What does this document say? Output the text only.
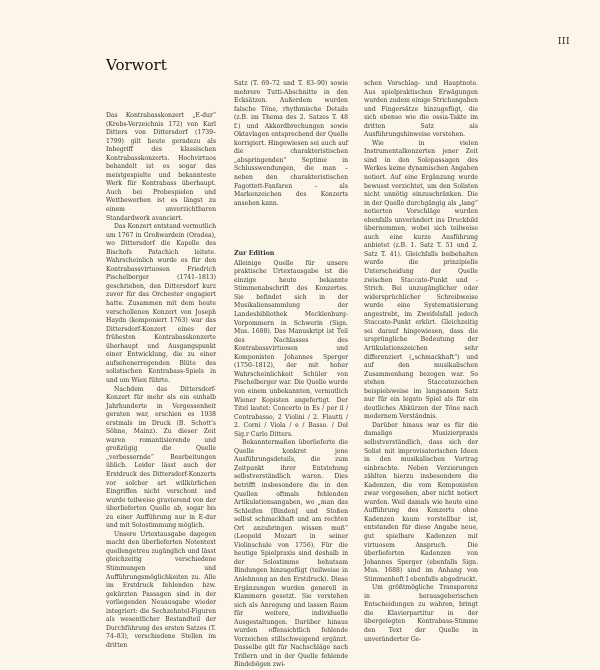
III
Vorwort

Das Kontrabasskonzert „E-dur“ (Krebs-Verzeichnis 172) von Karl Ditters von Dittersdorf (1739–1799) gilt heute geradezu als Inbegriff des klassischen Kontrabasskonzerts. Hochvirtuos behandelt ist es sogar das meistgespielte und bekannteste Werk für Kontrabass überhaupt. Auch bei Probespielen und Wettbewerben ist es längst zu einem unverzichtbaren Standardwerk avanciert.

Das Konzert entstand vermutlich um 1767 in Großwardein (Oradea), wo Dittersdorf die Kapelle des Bischofs Patachich leitete. Wahrscheinlich wurde es für den Kontrabassvirtuosen Friedrich Pischelberger (1741–1813) geschrieben, den Dittersdorf kurz zuvor für das Orchester engagiert hatte. Zusammen mit dem heute verschollenen Konzert von Joseph Haydn (komponiert 1763) war das Dittersdorf-Konzert eines der frühesten Kontrabasskonzerte überhaupt und Ausgangspunkt einer Entwicklung, die zu einer aufsehenerregenden Blüte des solistischen Kontrabass-Spiels in und um Wien führte.

Nachdem das Dittersdorf-Konzert für mehr als ein einhalb Jahrhunderte in Vergessenheit geraten war, erschien es 1938 erstmals im Druck (B. Schott's Söhne, Mainz). Zu dieser Zeit waren romantisierende und großzügig die Quelle „verbessernde“ Bearbeitungen üblich. Leider lässt auch der Erstdruck des Dittersdorf-Konzerts vor solcher art willkürlichen Eingriffen nicht verschont und wurde teilweise gravierend von der überlieferten Quelle ab, sogar bis zu einer Aufführung nur in E-dur und mit Solostimmung möglich.

Unsere Urtextausgabe dagegen macht den überlieferten Notentext quellengetreu zugänglich und lässt gleichzeitig verschiedene Stimmungen und Aufführungsmöglichkeiten zu. Alle im Erstdruck fehlenden bzw. gekürzten Passagen sind in der vorliegenden Neuausgabe wieder integriert: die Sechzehntel-Figuren als wesentlicher Bestandteil der Durchführung des ersten Satzes (T. 74–83), verschiedene Stellen im dritten

Satz (T. 69–72 und T. 83–90) sowie mehrere Tutti-Abschnitte in den Ecksätzen. Außerdem wurden falsche Töne, rhythmische Details (z.B. im Thema des 2. Satzes T. 48 f.) und Akkordbrechungen sowie Oktavlagen entsprechend der Quelle korrigiert. Hingewiesen sei auch auf die charakteristischen „abspringenden“ Septime in Schlusswendungen, die man – neben den charakteristischen Fagottett-Fanfaren – als Markenzeichen des Konzerts ansehen kann.

Zur Edition

Alleinige Quelle für unsere praktische Urtextausgabe ist die einzige heute bekannte Stimmenabschrift des Konzertes. Sie befindet sich in der Musikaliensammlung der Landesbibliothek Mecklenburg-Vorpommern in Schwerin (Sign. Mus. 1688). Das Manuskript ist Teil des Nachlasses des Kontrabassvirtuosen und Komponisten Johannes Sperger (1750–1812), der mit hoher Wahrscheinlichkeit Schüler von Pischelberger war. Die Quelle wurde von einem unbekannten, vermutlich Wiener Kopisten angefertigt. Der Titel lautet: Concerto in Es / per il / Contrabasso, 2 Violini / 2. Flautti / 2. Corni / Viola / e / Basso. / Del Sig.r Carlo Ditters.

Bekanntermaßen überlieferte die Quelle konkret jene Ausführungsdetails, die zum Zeitpunkt ihrer Entstehung selbstverständlich waren. Dies betrifft insbesondere die in den Quellen oftmals fehlenden Artikulationsangaben, wo „man das Schleifen [Binden] und Stoßen selbst schmackhaft und am rechten Ort anzubringen wissen muß“ (Leopold Mozart in seiner Violinschule von 1756). Für die heutige Spielpraxis sind deshalb in der Solostimme behutsam Bindungen hinzugefügt (teilweise in Anlehnung an den Erstdruck). Diese Ergänzungen wurden generell in Klammern gesetzt. Sie verstehen sich als Anregung und lassen Raum für weitere, individuelle Ausgestaltungen. Darüber hinaus wurden offensichtlich fehlende Vorzeichen stillschweigend ergänzt. Dasselbe gilt für Nachschläge nach Trillern und in der Quelle fehlende Bindebögen zwi-

schen Vorschlag- und Hauptnote. Aus spielpraktischen Erwägungen wurden zudem einige Strichangaben und Fingersätze hinzugefügt, die sich ebenso wie die ossia-Takte im dritten Satz als Ausführungshinweise verstehen.

Wie in vielen Instrumentalkonzerten jener Zeit sind in den Solopassagen des Werkes keine dynamischen Angaben notiert. Auf eine Ergänzung wurde bewusst verzichtet, um den Solisten nicht unnötig einzuschränken. Die in der Quelle durchgängig als „lang“ notierten Vorschläge wurden ebenfalls unverändert ins Druckbild übernommen, wobei sich teilweise auch eine kurze Ausführung anbietet (z.B. 1. Satz T. 51 und 2. Satz T. 41). Gleichfalls beibehalten wurde die prinzipielle Unterscheidung der Quelle zwischen Staccato-Punkt und -Strich. Bei unzugänglicher oder widersprüchlicher Schreibweise wurde eine Systematisierung angestrebt, im Zweifelsfall jedoch Staccato-Punkt erkürt. Gleichzeitig sei darauf hingewiesen, dass die ursprüngliche Bedeutung der Artikulationszeichen sehr differenziert („schmackhaft“) und auf den musikalischen Zusammenhang bezogen war. So stehen Staccatozeichen beispielsweise im langsamen Satz nur für ein legato Spiel als für ein deutliches Abkürzen der Töne nach modernem Verständnis.

Darüber hinaus war es für die damalige Musizierpraxis selbstverständlich, dass sich der Solist mit improvisatorischen Ideen in den musikalischen Vortrag einbrachte. Neben Verzierungen zählten hierzu insbesondere die Kadenzen, die vom Komponisten zwar vorgesehen, aber nicht notiert wurden. Weil damals wie heute eine Aufführung des Konzerts ohne Kadenzen kaum vorstellbar ist, entstanden für diese Angabe neue, gut spielbare Kadenzen mit virtuosem Anspruch. Die überlieferten Kadenzen von Johannes Sperger (ebenfalls Sign. Mus. 1688) sind im Anhang von Stimmenheft I ebenfalls abgedruckt.

Um größtmögliche Transparenz in herausgeberischen Entscheidungen zu wahren, bringt die Klavierpartitur in der übergelegten Kontrabass-Stimme den Text der Quelle in unveränderter Ge-
